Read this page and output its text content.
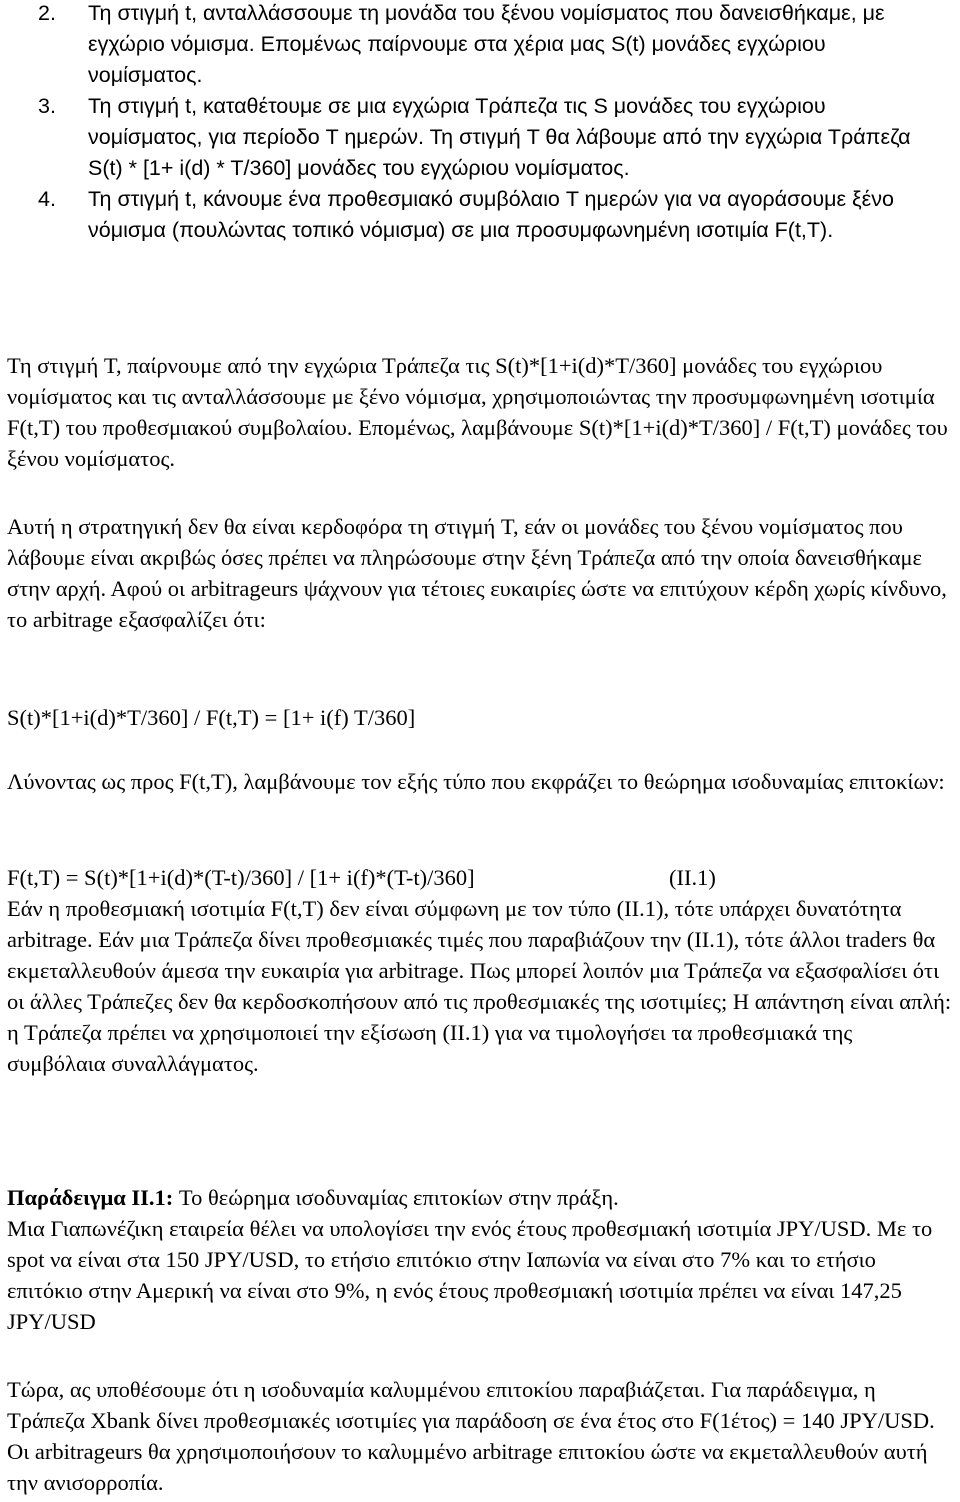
2. Τη στιγμή t, ανταλλάσσουμε τη μονάδα του ξένου νομίσματος που δανεισθήκαμε, με εγχώριο νόμισμα. Επομένως παίρνουμε στα χέρια μας S(t) μονάδες εγχώριου νομίσματος.
3. Τη στιγμή t, καταθέτουμε σε μια εγχώρια Τράπεζα τις S μονάδες του εγχώριου νομίσματος, για περίοδο T ημερών. Τη στιγμή T θα λάβουμε από την εγχώρια Τράπεζα S(t) * [1+ i(d) * T/360] μονάδες του εγχώριου νομίσματος.
4. Τη στιγμή t, κάνουμε ένα προθεσμιακό συμβόλαιο T ημερών για να αγοράσουμε ξένο νόμισμα (πουλώντας τοπικό νόμισμα) σε μια προσυμφωνημένη ισοτιμία F(t,T).

Τη στιγμή T, παίρνουμε από την εγχώρια Τράπεζα τις S(t)*[1+i(d)*T/360] μονάδες του εγχώριου νομίσματος και τις ανταλλάσσουμε με ξένο νόμισμα, χρησιμοποιώντας την προσυμφωνημένη ισοτιμία F(t,T) του προθεσμιακού συμβολαίου. Επομένως, λαμβάνουμε S(t)*[1+i(d)*T/360] / F(t,T) μονάδες του ξένου νομίσματος.

Αυτή η στρατηγική δεν θα είναι κερδοφόρα τη στιγμή T, εάν οι μονάδες του ξένου νομίσματος που λάβουμε είναι ακριβώς όσες πρέπει να πληρώσουμε στην ξένη Τράπεζα από την οποία δανεισθήκαμε στην αρχή. Αφού οι arbitrageurs ψάχνουν για τέτοιες ευκαιρίες ώστε να επιτύχουν κέρδη χωρίς κίνδυνο, το arbitrage εξασφαλίζει ότι:

S(t)*[1+i(d)*T/360] / F(t,T) = [1+ i(f) T/360]

Λύνοντας ως προς F(t,T), λαμβάνουμε τον εξής τύπο που εκφράζει το θεώρημα ισοδυναμίας επιτοκίων:

F(t,T) = S(t)*[1+i(d)*(T-t)/360] / [1+ i(f)*(T-t)/360]	(II.1)

Εάν η προθεσμιακή ισοτιμία F(t,T) δεν είναι σύμφωνη με τον τύπο (II.1), τότε υπάρχει δυνατότητα arbitrage. Εάν μια Τράπεζα δίνει προθεσμιακές τιμές που παραβιάζουν την (II.1), τότε άλλοι traders θα εκμεταλλευθούν άμεσα την ευκαιρία για arbitrage. Πως μπορεί λοιπόν μια Τράπεζα να εξασφαλίσει ότι οι άλλες Τράπεζες δεν θα κερδοσκοπήσουν από τις προθεσμιακές της ισοτιμίες; Η απάντηση είναι απλή: η Τράπεζα πρέπει να χρησιμοποιεί την εξίσωση (II.1) για να τιμολογήσει τα προθεσμιακά της συμβόλαια συναλλάγματος.

Παράδειγμα II.1: Το θεώρημα ισοδυναμίας επιτοκίων στην πράξη.

Μια Γιαπωνέζικη εταιρεία θέλει να υπολογίσει την ενός έτους προθεσμιακή ισοτιμία JPY/USD. Με το spot να είναι στα 150 JPY/USD, το ετήσιο επιτόκιο στην Ιαπωνία να είναι στο 7% και το ετήσιο επιτόκιο στην Αμερική να είναι στο 9%, η ενός έτους προθεσμιακή ισοτιμία πρέπει να είναι 147,25 JPY/USD

Τώρα, ας υποθέσουμε ότι η ισοδυναμία καλυμμένου επιτοκίου παραβιάζεται. Για παράδειγμα, η Τράπεζα Xbank δίνει προθεσμιακές ισοτιμίες για παράδοση σε ένα έτος στο F(1έτος) = 140 JPY/USD. Οι arbitrageurs θα χρησιμοποιήσουν το καλυμμένο arbitrage επιτοκίου ώστε να εκμεταλλευθούν αυτή την ανισορροπία.
